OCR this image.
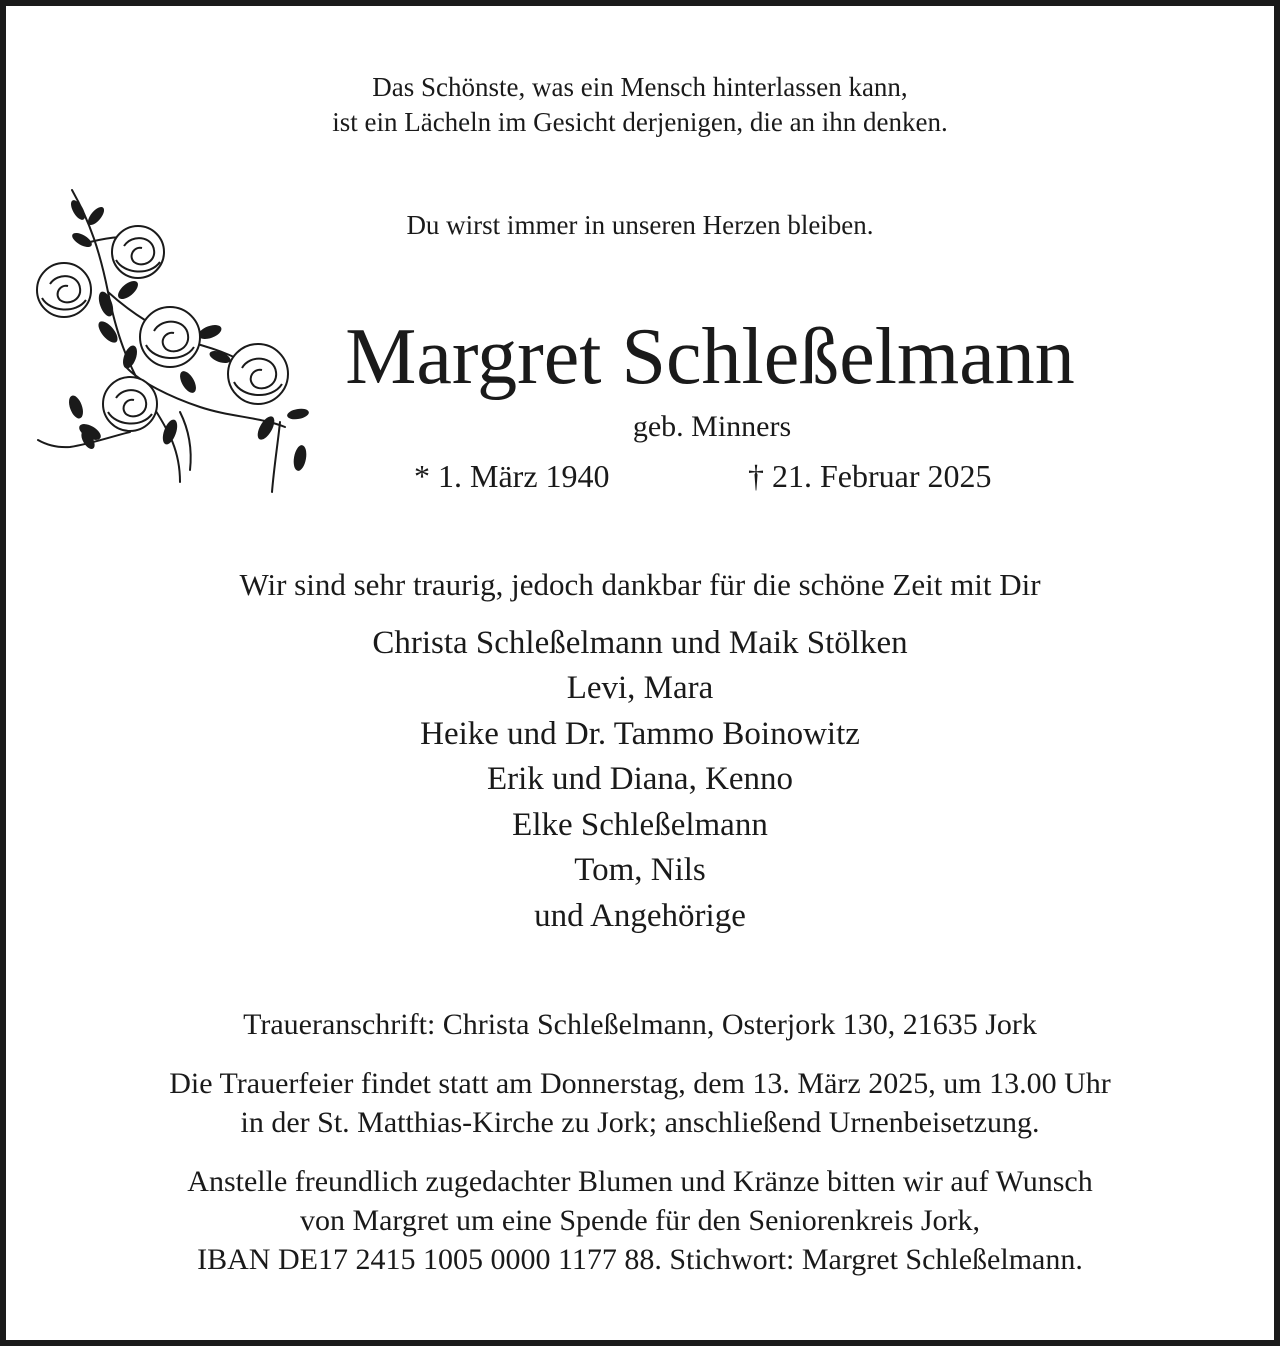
Das Schönste, was ein Mensch hinterlassen kann,
ist ein Lächeln im Gesicht derjenigen, die an ihn denken.
Du wirst immer in unseren Herzen bleiben.
Margret Schleßelmann
geb. Minners
* 1. März 1940	† 21. Februar 2025
Wir sind sehr traurig, jedoch dankbar für die schöne Zeit mit Dir
Christa Schleßelmann und Maik Stölken
Levi, Mara
Heike und Dr. Tammo Boinowitz
Erik und Diana, Kenno
Elke Schleßelmann
Tom, Nils
und Angehörige
Traueranschrift: Christa Schleßelmann, Osterjork 130, 21635 Jork
Die Trauerfeier findet statt am Donnerstag, dem 13. März 2025, um 13.00 Uhr
in der St. Matthias-Kirche zu Jork; anschließend Urnenbeisetzung.
Anstelle freundlich zugedachter Blumen und Kränze bitten wir auf Wunsch
von Margret um eine Spende für den Seniorenkreis Jork,
IBAN DE17 2415 1005 0000 1177 88. Stichwort: Margret Schleßelmann.
